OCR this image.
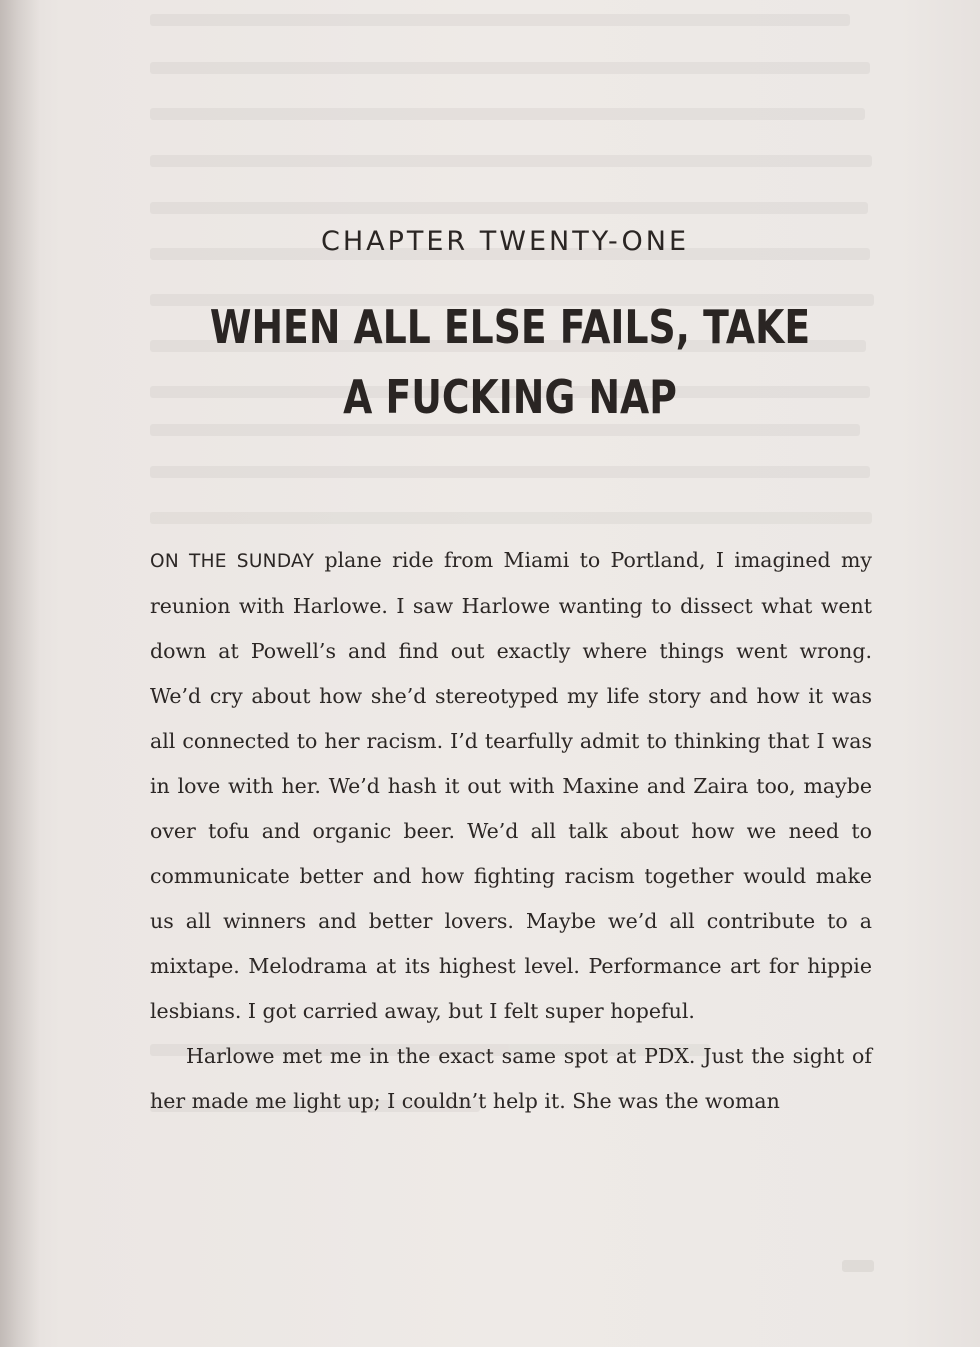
CHAPTER TWENTY-ONE
WHEN ALL ELSE FAILS, TAKE A FUCKING NAP

ON THE SUNDAY plane ride from Miami to Portland, I imagined my reunion with Harlowe. I saw Harlowe wanting to dissect what went down at Powell’s and find out exactly where things went wrong. We’d cry about how she’d stereotyped my life story and how it was all connected to her racism. I’d tearfully admit to thinking that I was in love with her. We’d hash it out with Maxine and Zaira too, maybe over tofu and organic beer. We’d all talk about how we need to communicate better and how fighting racism together would make us all winners and better lovers. Maybe we’d all contribute to a mixtape. Melodrama at its highest level. Performance art for hippie lesbians. I got carried away, but I felt super hopeful.

Harlowe met me in the exact same spot at PDX. Just the sight of her made me light up; I couldn’t help it. She was the woman
